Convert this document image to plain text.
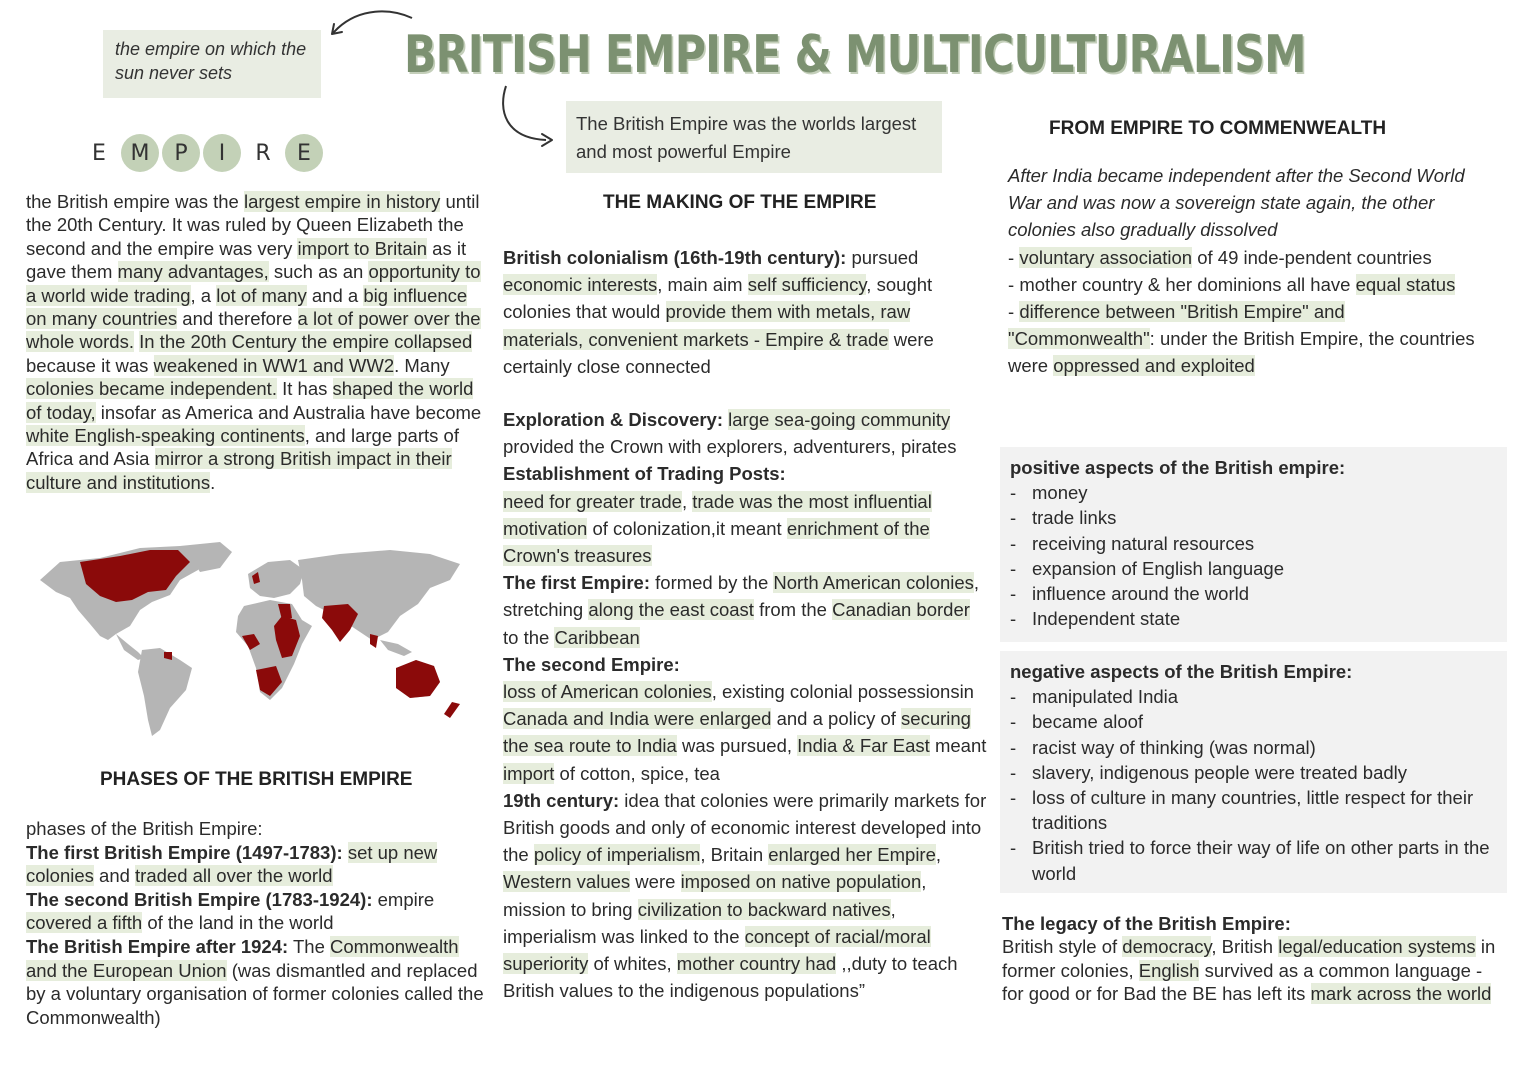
BRITISH EMPIRE & MULTICULTURALISM
the empire on which the sun never sets
The British Empire was the worlds largest and most powerful Empire
E	M	P	I	R	E
the British empire was the largest empire in history until the 20th Century. It was ruled by Queen Elizabeth the second and the empire was very import to Britain as it gave them many advantages, such as an opportunity to a world wide trading, a lot of many and a big influence on many countries and therefore a lot of power over the whole words. In the 20th Century the empire collapsed because it was weakened in WW1 and WW2. Many colonies became independent. It has shaped the world of today, insofar as America and Australia have become white English-speaking continents, and large parts of Africa and Asia mirror a strong British impact in their culture and institutions.
PHASES OF THE BRITISH EMPIRE
phases of the British Empire:
The first British Empire (1497-1783): set up new colonies and traded all over the world
The second British Empire (1783-1924): empire covered a fifth of the land in the world
The British Empire after 1924: The Commonwealth and the European Union (was dismantled and replaced by a voluntary organisation of former colonies called the Commonwealth)
THE MAKING OF THE EMPIRE

British colonialism (16th-19th century): pursued economic interests, main aim self sufficiency, sought colonies that would provide them with metals, raw materials, convenient markets - Empire & trade were certainly close connected

Exploration & Discovery: large sea-going community provided the Crown with explorers, adventurers, pirates

Establishment of Trading Posts:

need for greater trade, trade was the most influential motivation of colonization,it meant enrichment of the Crown's treasures

The first Empire: formed by the North American colonies, stretching along the east coast from the Canadian border to the Caribbean

The second Empire:

loss of American colonies, existing colonial possessionsin Canada and India were enlarged and a policy of securing the sea route to India was pursued, India & Far East meant import of cotton, spice, tea

19th century: idea that colonies were primarily markets for British goods and only of economic interest developed into the policy of imperialism, Britain enlarged her Empire, Western values were imposed on native population, mission to bring civilization to backward natives, imperialism was linked to the concept of racial/moral superiority of whites, mother country had ,,duty to teach British values to the indigenous populations”

FROM EMPIRE TO COMMENWEALTH

After India became independent after the Second World War and was now a sovereign state again, the other colonies also gradually dissolved

- voluntary association of 49 inde-pendent countries

- mother country & her dominions all have equal status

- difference between "British Empire" and "Commonwealth": under the British Empire, the countries were oppressed and exploited

positive aspects of the British empire:
- money
- trade links
- receiving natural resources
- expansion of English language
- influence around the world
- Independent state
negative aspects of the British Empire:
- manipulated India
- became aloof
- racist way of thinking (was normal)
- slavery, indigenous people were treated badly
- loss of culture in many countries, little respect for their traditions
- British tried to force their way of life on other parts in the world
The legacy of the British Empire:
British style of democracy, British legal/education systems in former colonies, English survived as a common language - for good or for Bad the BE has left its mark across the world
